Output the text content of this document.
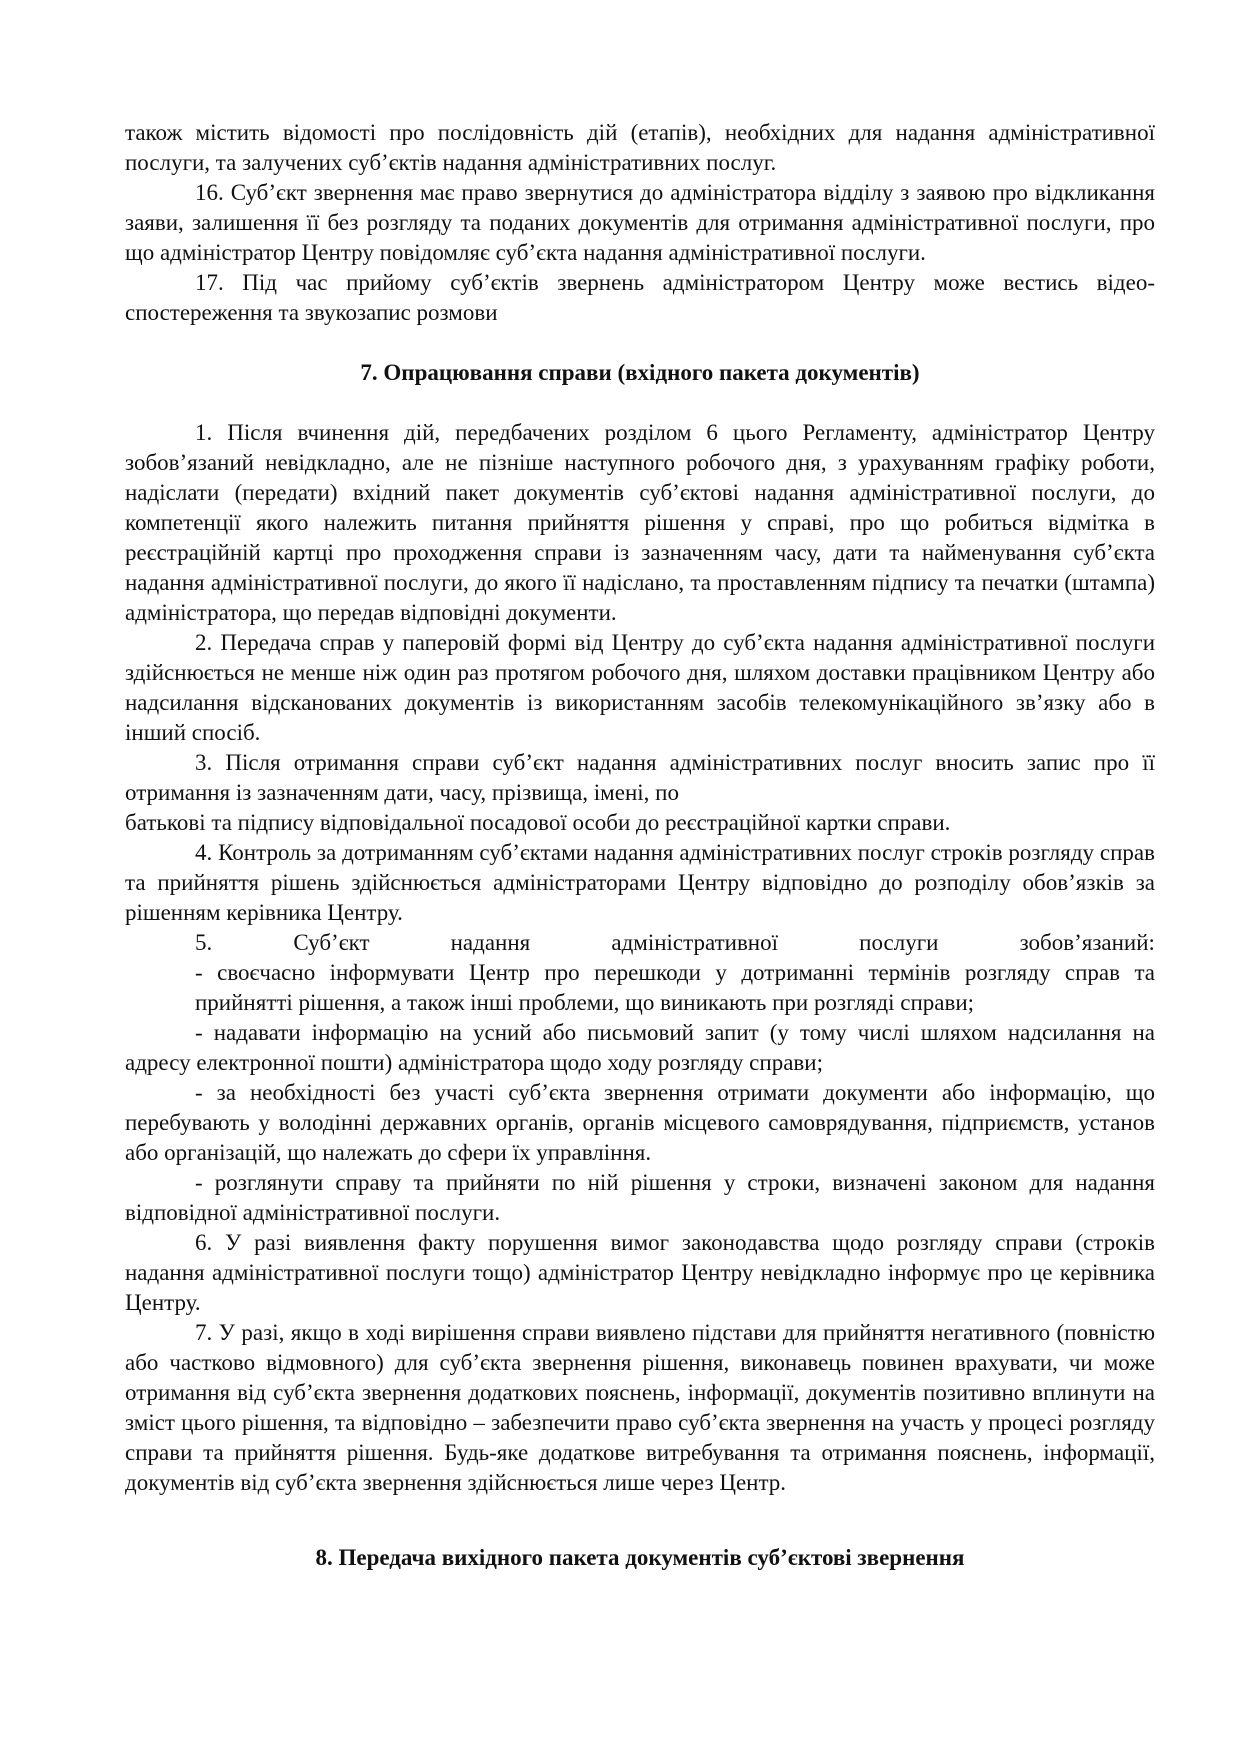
також містить відомості про послідовність дій (етапів), необхідних для надання адміністративної послуги, та залучених суб’єктів надання адміністративних послуг.

16. Суб’єкт звернення має право звернутися до адміністратора відділу з заявою про відкликання заяви, залишення її без розгляду та поданих документів для отримання адміністративної послуги, про що адміністратор Центру повідомляє суб’єкта надання адміністративної послуги.

17. Під час прийому суб’єктів звернень адміністратором Центру може вестись відео-спостереження та звукозапис розмови

7. Опрацювання справи (вхідного пакета документів)

1. Після вчинення дій, передбачених розділом 6 цього Регламенту, адміністратор Центру зобов’язаний невідкладно, але не пізніше наступного робочого дня, з урахуванням графіку роботи, надіслати (передати) вхідний пакет документів суб’єктові надання адміністративної послуги, до компетенції якого належить питання прийняття рішення у справі, про що робиться відмітка в реєстраційній картці про проходження справи із зазначенням часу, дати та найменування суб’єкта надання адміністративної послуги, до якого її надіслано, та проставленням підпису та печатки (штампа) адміністратора, що передав відповідні документи.

2. Передача справ у паперовій формі від Центру до суб’єкта надання адміністративної послуги здійснюється не менше ніж один раз протягом робочого дня, шляхом доставки працівником Центру або надсилання відсканованих документів із використанням засобів телекомунікаційного зв’язку або в інший спосіб.

3. Після отримання справи суб’єкт надання адміністративних послуг вносить запис про її отримання із зазначенням дати, часу, прізвища, імені, по

батькові та підпису відповідальної посадової особи до реєстраційної картки справи.

4. Контроль за дотриманням суб’єктами надання адміністративних послуг строків розгляду справ та прийняття рішень здійснюється адміністраторами Центру відповідно до розподілу обов’язків за рішенням керівника Центру.

5.	Суб’єкт	надання	адміністративної	послуги	зобов’язаний:

- своєчасно інформувати Центр про перешкоди у дотриманні термінів розгляду справ та прийнятті рішення, а також інші проблеми, що виникають при розгляді справи;

- надавати інформацію на усний або письмовий запит (у тому числі шляхом надсилання на адресу електронної пошти) адміністратора щодо ходу розгляду справи;

- за необхідності без участі суб’єкта звернення отримати документи або інформацію, що перебувають у володінні державних органів, органів місцевого самоврядування, підприємств, установ або організацій, що належать до сфери їх управління.

- розглянути справу та прийняти по ній рішення у строки, визначені законом для надання відповідної адміністративної послуги.

6. У разі виявлення факту порушення вимог законодавства щодо розгляду справи (строків надання адміністративної послуги тощо) адміністратор Центру невідкладно інформує про це керівника Центру.

7. У разі, якщо в ході вирішення справи виявлено підстави для прийняття негативного (повністю або частково відмовного) для суб’єкта звернення рішення, виконавець повинен врахувати, чи може отримання від суб’єкта звернення додаткових пояснень, інформації, документів позитивно вплинути на зміст цього рішення, та відповідно – забезпечити право суб’єкта звернення на участь у процесі розгляду справи та прийняття рішення. Будь-яке додаткове витребування та отримання пояснень, інформації, документів від суб’єкта звернення здійснюється лише через Центр.

8. Передача вихідного пакета документів суб’єктові звернення
